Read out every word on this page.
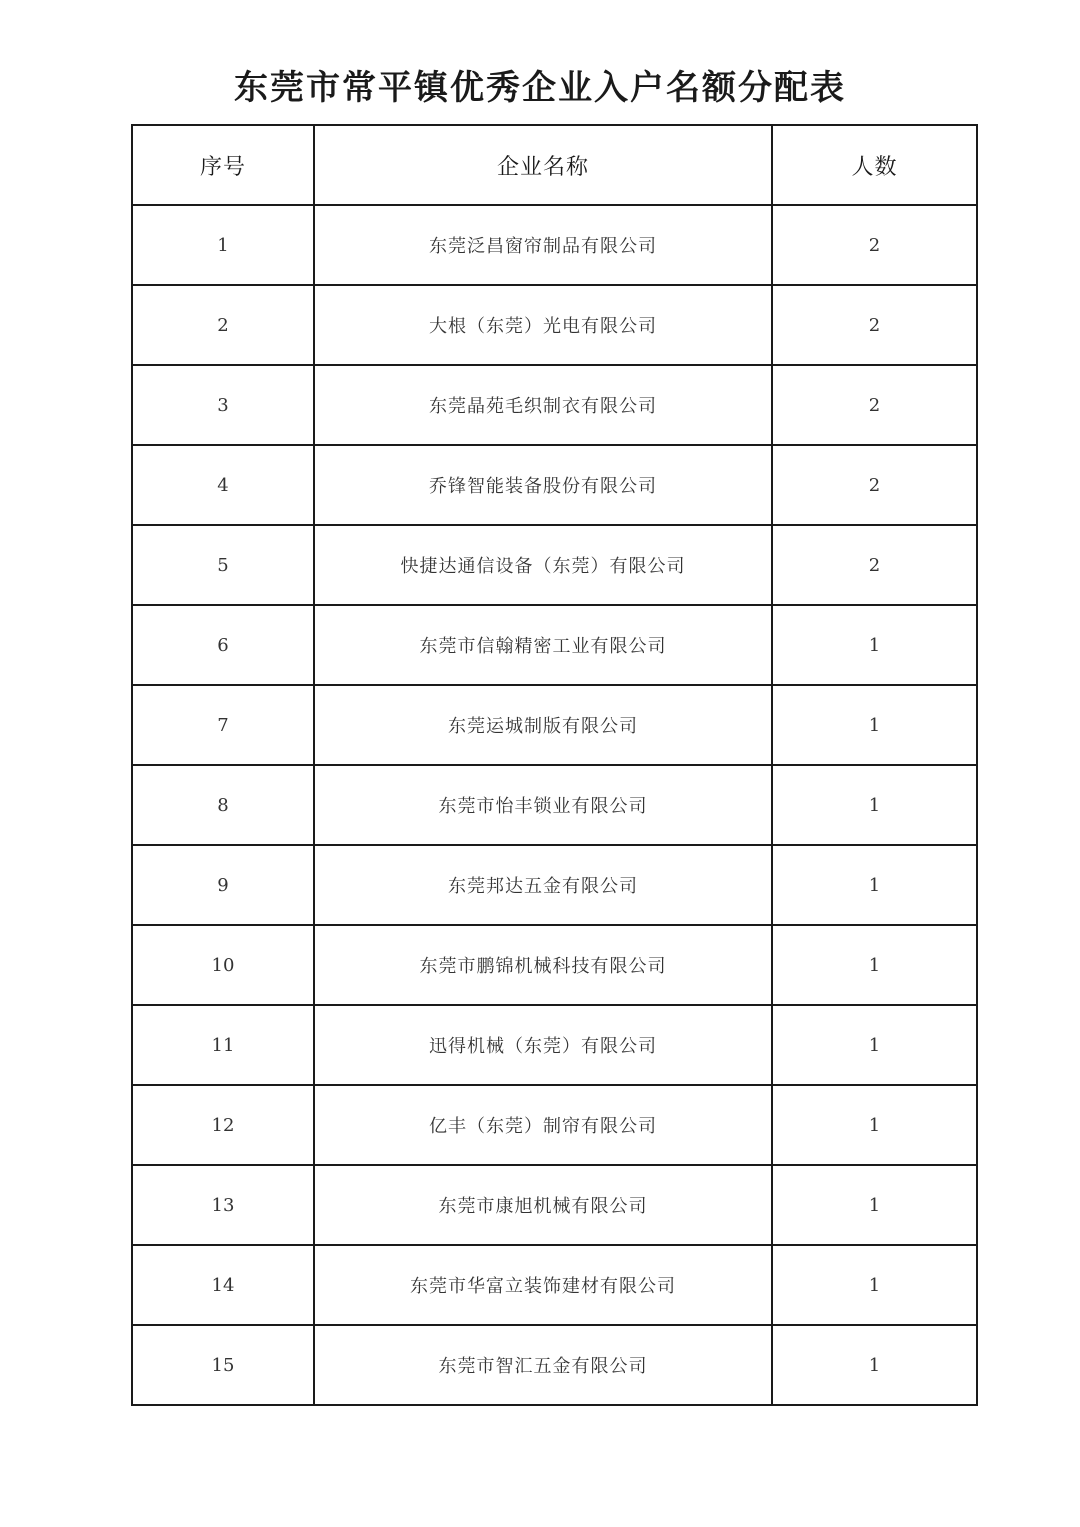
东莞市常平镇优秀企业入户名额分配表
序号	企业名称	人数
1	东莞泛昌窗帘制品有限公司	2
2	大根（东莞）光电有限公司	2
3	东莞晶苑毛织制衣有限公司	2
4	乔锋智能装备股份有限公司	2
5	快捷达通信设备（东莞）有限公司	2
6	东莞市信翰精密工业有限公司	1
7	东莞运城制版有限公司	1
8	东莞市怡丰锁业有限公司	1
9	东莞邦达五金有限公司	1
10	东莞市鹏锦机械科技有限公司	1
11	迅得机械（东莞）有限公司	1
12	亿丰（东莞）制帘有限公司	1
13	东莞市康旭机械有限公司	1
14	东莞市华富立装饰建材有限公司	1
15	东莞市智汇五金有限公司	1
